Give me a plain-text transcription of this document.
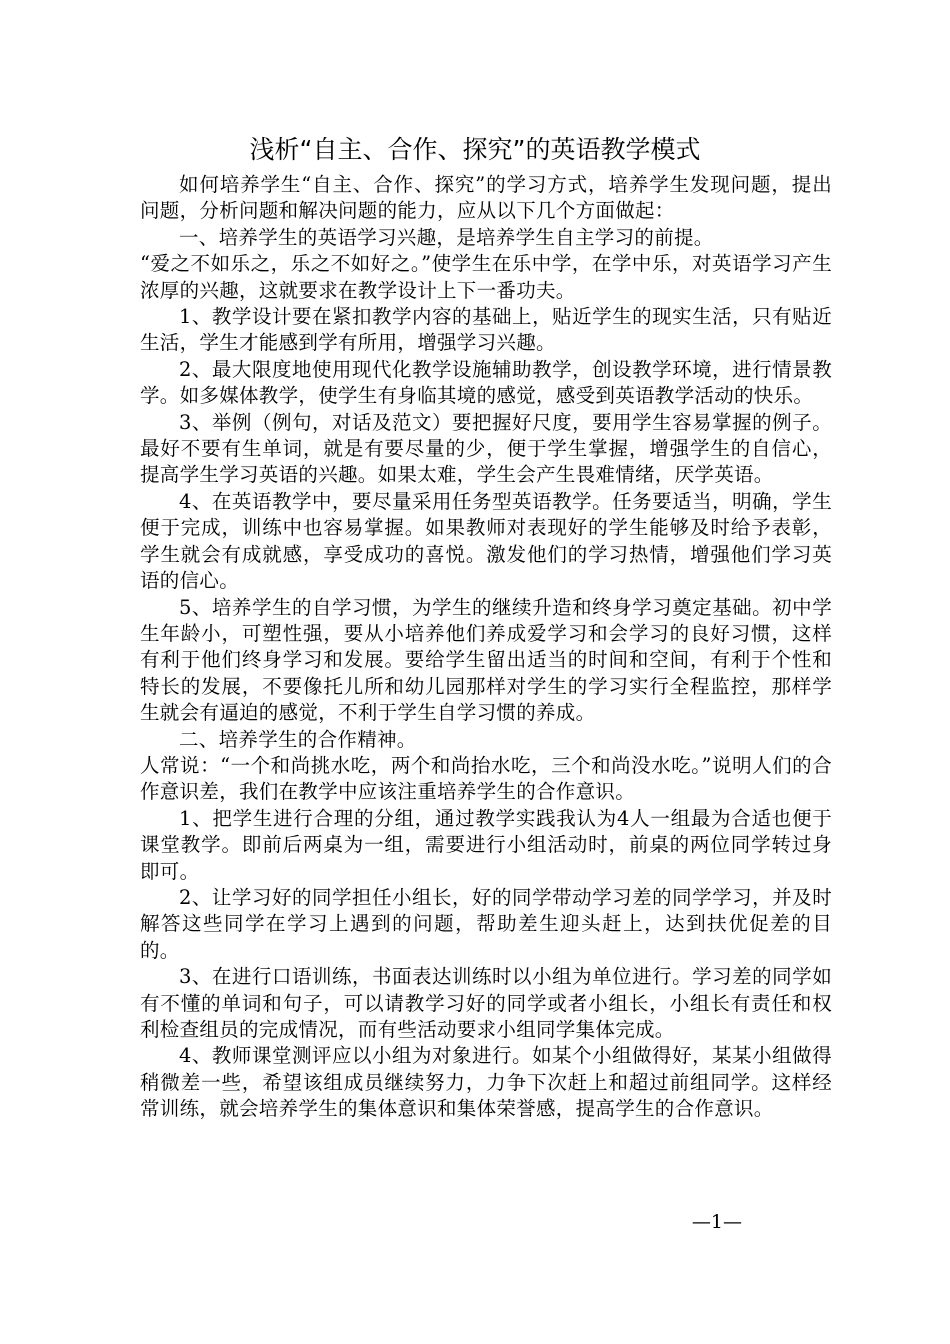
浅析“自主、合作、探究”的英语教学模式

如何培养学生“自主、合作、探究”的学习方式，培养学生发现问题，提出问题，分析问题和解决问题的能力，应从以下几个方面做起：

一、培养学生的英语学习兴趣，是培养学生自主学习的前提。

“爱之不如乐之，乐之不如好之。”使学生在乐中学，在学中乐，对英语学习产生浓厚的兴趣，这就要求在教学设计上下一番功夫。

1、教学设计要在紧扣教学内容的基础上，贴近学生的现实生活，只有贴近生活，学生才能感到学有所用，增强学习兴趣。

2、最大限度地使用现代化教学设施辅助教学，创设教学环境，进行情景教学。如多媒体教学，使学生有身临其境的感觉，感受到英语教学活动的快乐。

3、举例（例句，对话及范文）要把握好尺度，要用学生容易掌握的例子。最好不要有生单词，就是有要尽量的少，便于学生掌握，增强学生的自信心，提高学生学习英语的兴趣。如果太难，学生会产生畏难情绪，厌学英语。

4、在英语教学中，要尽量采用任务型英语教学。任务要适当，明确，学生便于完成，训练中也容易掌握。如果教师对表现好的学生能够及时给予表彰，学生就会有成就感，享受成功的喜悦。激发他们的学习热情，增强他们学习英语的信心。

5、培养学生的自学习惯，为学生的继续升造和终身学习奠定基础。初中学生年龄小，可塑性强，要从小培养他们养成爱学习和会学习的良好习惯，这样有利于他们终身学习和发展。要给学生留出适当的时间和空间，有利于个性和特长的发展，不要像托儿所和幼儿园那样对学生的学习实行全程监控，那样学生就会有逼迫的感觉，不利于学生自学习惯的养成。

二、培养学生的合作精神。

人常说：“一个和尚挑水吃，两个和尚抬水吃，三个和尚没水吃。”说明人们的合作意识差，我们在教学中应该注重培养学生的合作意识。

1、把学生进行合理的分组，通过教学实践我认为4人一组最为合适也便于课堂教学。即前后两桌为一组，需要进行小组活动时，前桌的两位同学转过身即可。

2、让学习好的同学担任小组长，好的同学带动学习差的同学学习，并及时解答这些同学在学习上遇到的问题，帮助差生迎头赶上，达到扶优促差的目的。

3、在进行口语训练，书面表达训练时以小组为单位进行。学习差的同学如有不懂的单词和句子，可以请教学习好的同学或者小组长，小组长有责任和权利检查组员的完成情况，而有些活动要求小组同学集体完成。

4、教师课堂测评应以小组为对象进行。如某个小组做得好，某某小组做得稍微差一些，希望该组成员继续努力，力争下次赶上和超过前组同学。这样经常训练，就会培养学生的集体意识和集体荣誉感，提高学生的合作意识。

—1—
